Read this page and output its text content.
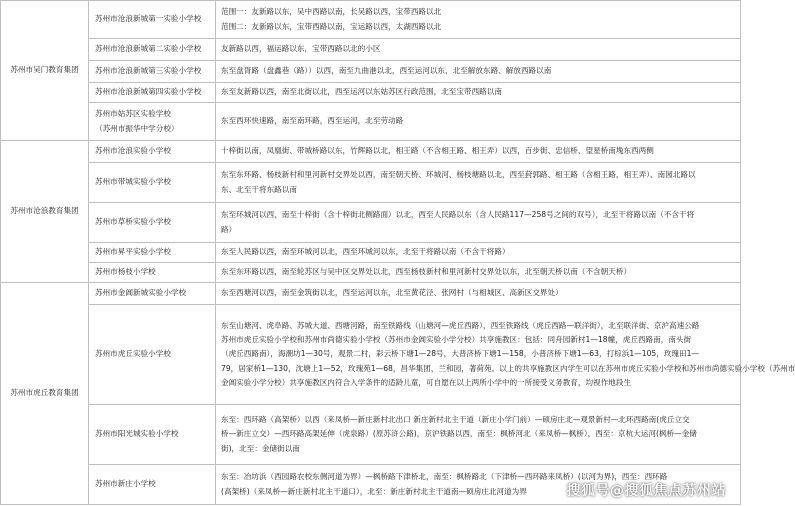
苏州市吴门教育集团	苏州市沧浪新城第一实验小学校	范围一：友新路以东，吴中西路以南，长吴路以西，宝带西路以北
范围二：友新路以东，宝带西路以南，宝运路以西，太湖西路以北

	苏州市沧浪新城第二实验小学校	友新路以西，福运路以东，宝带西路以北的小区

	苏州市沧浪新城第三实验小学校	东至盘胥路（盘鑫巷（路））以西，南至九曲港以北，西至运河以东，北至解放东路、解放西路以南

	苏州市沧浪新城第四实验小学校	东至友新路以西，南至北街以北，西至运河以东姑苏区行政范围，北至宝带西路以南

	苏州市姑苏区实验学校
（苏州市振华中学分校）	东至西环快速路，南至南环路，西至运河，北至劳动路

苏州市沧浪教育集团	苏州市沧浪实验小学校	十梓街以南，凤凰街、带城桥路以东，竹辉路以北，相王路（不含相王路、相王弄）以西，百步街、忠信桥、望星桥南堍东西两侧

	苏州市带城实验小学校	东至东环路、杨枝新村和里河新村交界处以西，南至朝天桥、环城河、杨枝塘路以北，西至葑郭路、相王路（含相王路，相王弄）、南园北路以
东、北至干将东路以南

	苏州市草桥实验小学校	东至环城河以西，南至十梓街（含十梓街北侧路面）以北，西至人民路以东（含人民路117—258号之间的双号），北至干将路以南（不含干将
路）

	苏州市昇平实验小学校	东至人民路以西，南至环城河以北，西至环城河以东，北至干将路以南（不含干将路）

	苏州市杨枝小学校	东至东环路以西，南至轮苏区与吴中区交界处以北，西至杨枝新村和里河新村交界处以东，北至朝天桥以南（不含朝天桥）

苏州市虎丘教育集团	苏州市金阊新城实验小学校	东至西塘河以西，南至金筑街以北，西至运河以东，北至黄花泾、张网村（与相城区、高新区交界处）

	苏州市虎丘实验小学校	东至山塘河、虎阜路、苏城大道、西塘河路，南至铁路线（山塘河—虎丘西路），西至铁路线（虎丘西路—联洋街），北至联洋街、京沪高速公路
苏州市虎丘实验小学校和苏州市尚德实验小学校（苏州市金阊实验小学分校）共享施教区：包括：同舟园新村1—18幢，虎丘西路南，南头街
（虎丘西路南），海潮坊1—30号，观景二村，彩云桥下塘1—28号，大普济桥下塘1—158，小普济桥下塘1—63，打棕浜1—105，玫瑰田1—
79，居家桥1—130，沈塘上1—52，玫瑰苑1—68，昌华集团，兰和园，著荷苑。以上的共享施教区内学生可以在苏州市虎丘实验小学校和苏州市尚德实验小学校（苏州市
金阊实验小学分校）共享施教区内符合入学条件的适龄儿童，可自愿在以上两所小学中的一所接受义务教育，均视作地段生

	苏州市阳光城实验小学校	东至：西环路（高架桥）以西（来凤桥—新庄新村北出口 新庄新村北主干道（新庄小学门前）—硕房庄北—观景新村—北环西路南(虎丘立交
桥—新庄立交）—西环路高架延伸（虎泉路）(原苏浒公路)，京沪铁路以西，南至：枫桥河北（来凤桥—枫桥），西至：京杭大运河(枫桥—金储
街)，北至：金储街以南

	苏州市新庄小学校	东至：冶坊浜（西园路农校东侧河道为界）—枫桥路下津桥北，南至：枫桥路北（下津桥—西环路来凤桥）(以河为界)，西至：西环路
(高架桥)（来凤桥—新庄新村北主干道口），北至：新庄新村北主干道南—硕房庄北河道为界	搜狐号@搜狐焦点苏州站
